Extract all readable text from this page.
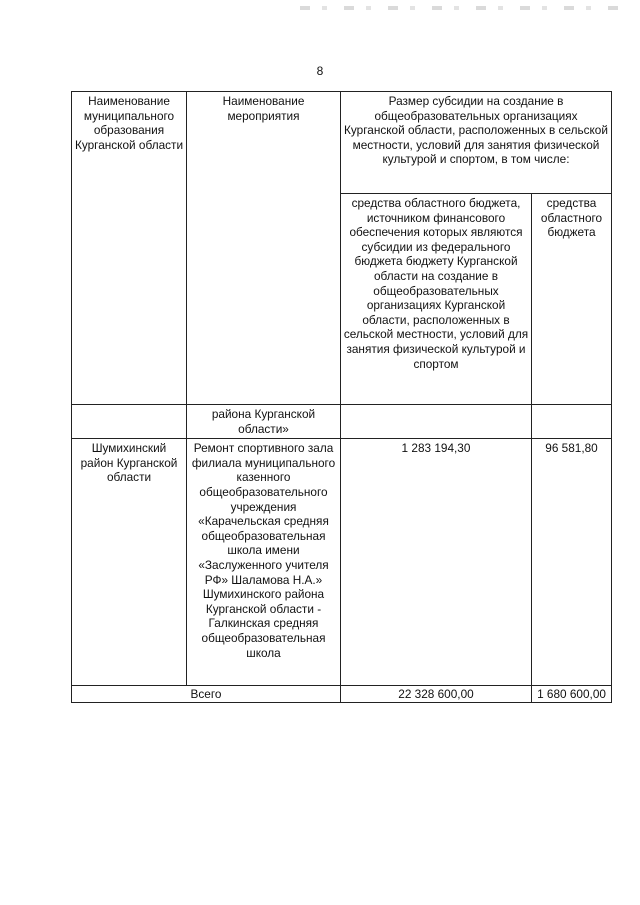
8
Наименование муниципального образования Курганской области	Наименование мероприятия	Размер субсидии на создание в общеобразовательных организациях Курганской области, расположенных в сельской местности, условий для занятия физической культурой и спортом, в том числе:	
		средства областного бюджета, источником финансового обеспечения которых являются субсидии из федерального бюджета бюджету Курганской области на создание в общеобразовательных организациях Курганской области, расположенных в сельской местности, условий для занятия физической культурой и спортом	средства областного бюджета
	района Курганской области»		
Шумихинский район Курганской области	Ремонт спортивного зала филиала муниципального казенного общеобразовательного учреждения «Карачельская средняя общеобразовательная школа имени «Заслуженного учителя РФ» Шаламова Н.А.» Шумихинского района Курганской области - Галкинская средняя общеобразовательная школа	1 283 194,30	96 581,80
Всего		22 328 600,00	1 680 600,00
